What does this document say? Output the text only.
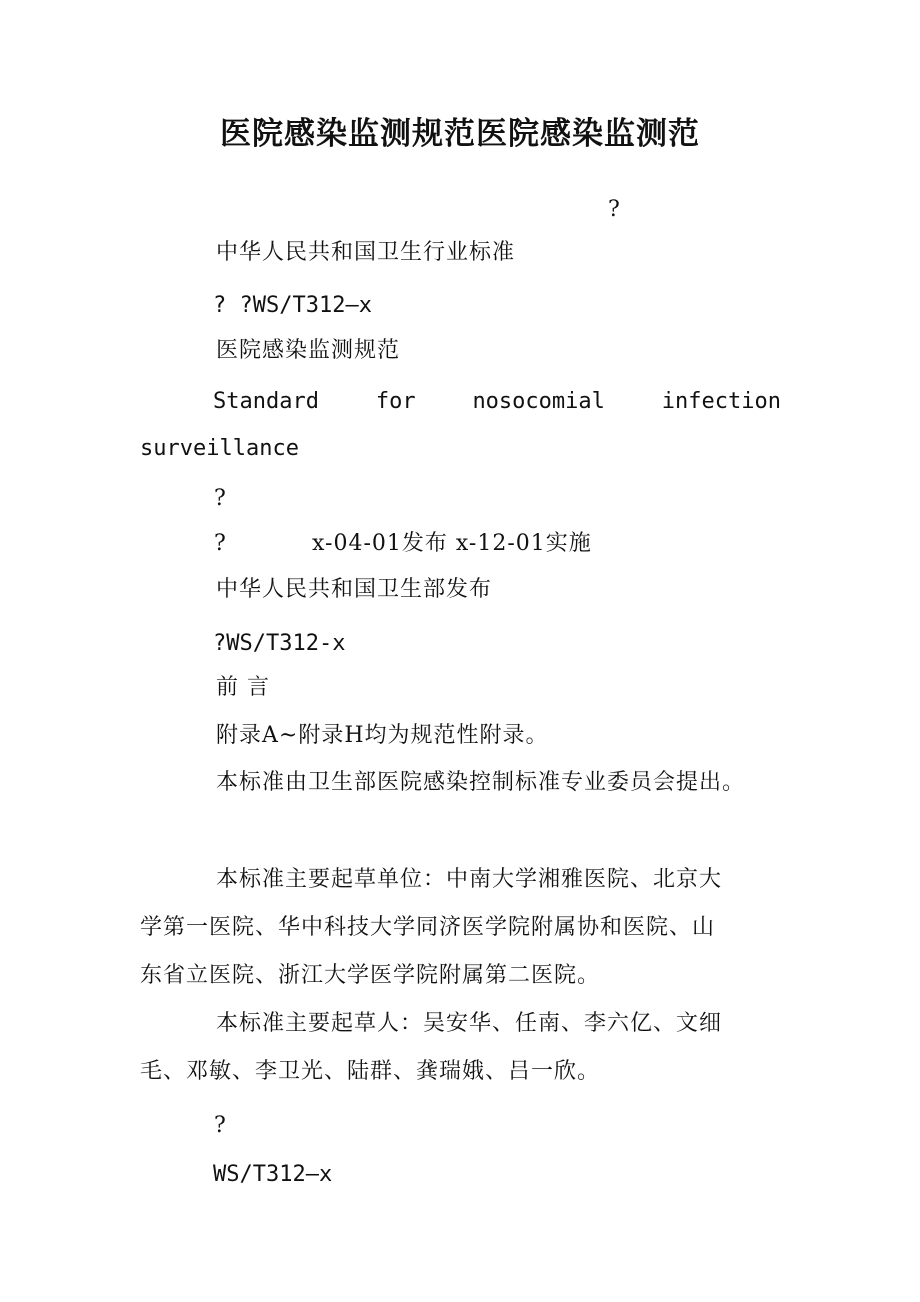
医院感染监测规范医院感染监测范
?
中华人民共和国卫生行业标准
? ?WS/T312—x
医院感染监测规范
Standard	for	nosocomial	infection
surveillance
?
?	x-04-01发布 x-12-01实施
中华人民共和国卫生部发布
?WS/T312-x
前 言
附录A~附录H均为规范性附录。
本标准由卫生部医院感染控制标准专业委员会提出。
本标准主要起草单位：中南大学湘雅医院、北京大
学第一医院、华中科技大学同济医学院附属协和医院、山
东省立医院、浙江大学医学院附属第二医院。
本标准主要起草人：吴安华、任南、李六亿、文细
毛、邓敏、李卫光、陆群、龚瑞娥、吕一欣。
?
WS/T312—x
